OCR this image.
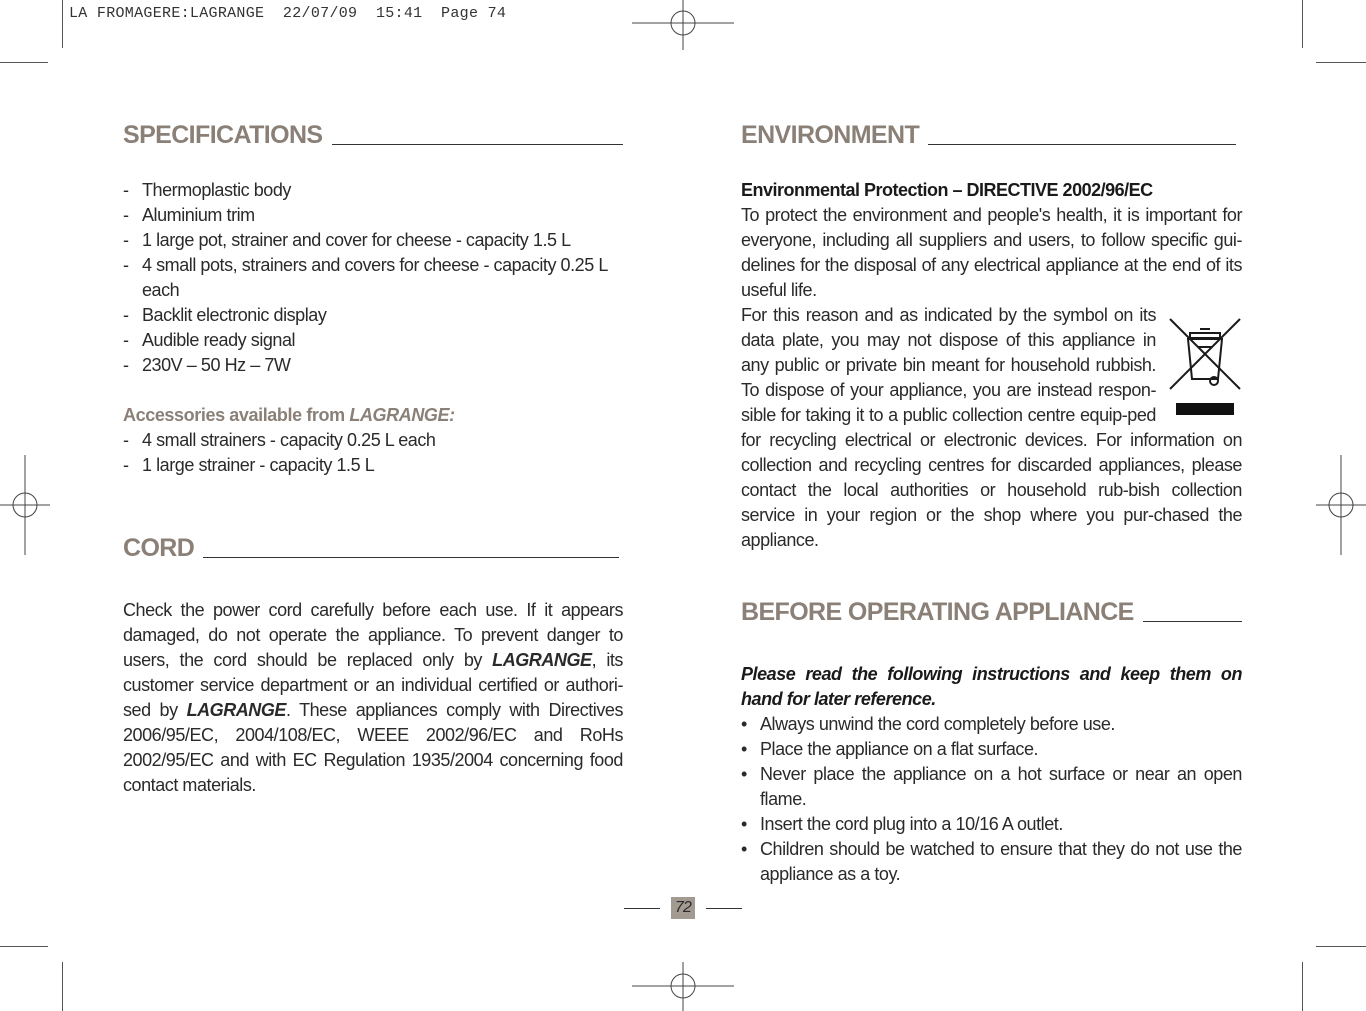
LA FROMAGERE:LAGRANGE  22/07/09  15:41  Page 74
SPECIFICATIONS
- Thermoplastic body
- Aluminium trim
- 1 large pot, strainer and cover for cheese - capacity 1.5 L
- 4 small pots, strainers and covers for cheese - capacity 0.25 L each
- Backlit electronic display
- Audible ready signal
- 230V – 50 Hz – 7W
Accessories available from LAGRANGE:
- 4 small strainers - capacity 0.25 L each
- 1 large strainer - capacity 1.5 L
CORD

Check the power cord carefully before each use. If it appears damaged, do not operate the appliance. To prevent danger to users, the cord should be replaced only by LAGRANGE, its customer service department or an individual certified or authori-sed by LAGRANGE. These appliances comply with Directives 2006/95/EC, 2004/108/EC, WEEE 2002/96/EC and RoHs 2002/95/EC and with EC Regulation 1935/2004 concerning food contact materials.

ENVIRONMENT
Environmental Protection – DIRECTIVE 2002/96/EC

To protect the environment and people's health, it is important for everyone, including all suppliers and users, to follow specific gui-delines for the disposal of any electrical appliance at the end of its useful life.

For this reason and as indicated by the symbol on its data plate, you may not dispose of this appliance in any public or private bin meant for household rubbish. To dispose of your appliance, you are instead respon-sible for taking it to a public collection centre equip-ped for recycling electrical or electronic devices. For information on collection and recycling centres for discarded appliances, please contact the local authorities or household rub-bish collection service in your region or the shop where you pur-chased the appliance.

BEFORE OPERATING APPLIANCE

Please read the following instructions and keep them on hand for later reference.

• Always unwind the cord completely before use.
• Place the appliance on a flat surface.
• Never place the appliance on a hot surface or near an open flame.
• Insert the cord plug into a 10/16 A outlet.
• Children should be watched to ensure that they do not use the appliance as a toy.
72
